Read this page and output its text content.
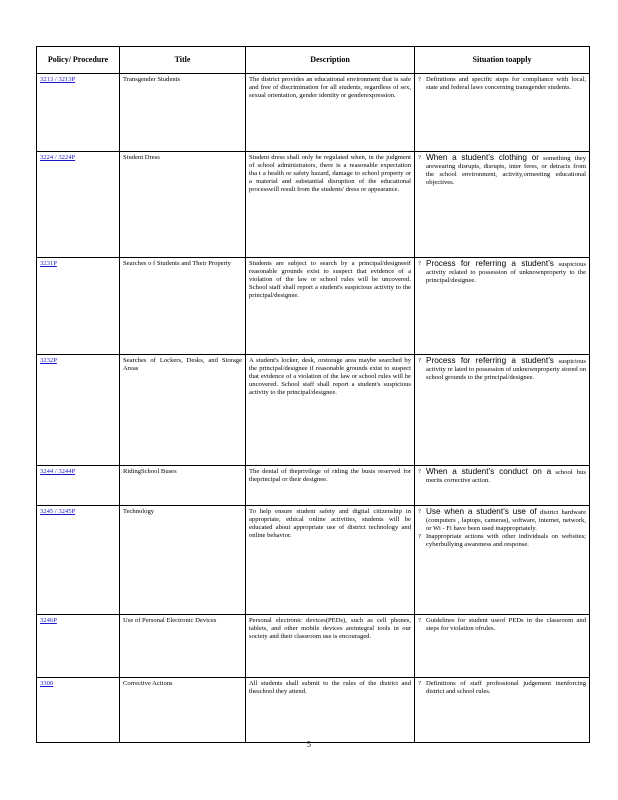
Policy/ Procedure	Title	Description	Situation toapply
3213 / 3213P	Transgender Students	The district provides an educational environment that is safe and free of discrimination for all students, regardless of sex, sexual orientation, gender identity or genderexpression.	? Definitions and specific steps for compliance with local, state and federal laws concerning transgender students.

3224 / 3224P	Student Dress	Student dress shall only be regulated when, in the judgment of school administrators, there is a reasonable expectation tha t a health or safety hazard, damage to school property or a material and substantial disruption of the educational processwill result from the students' dress or appearance.	? When a student’s clothing or something they arewearing disrupts, disrupts, inter feres, or detracts from the school environment, activity,ormeeting educational objectives.

3231P	Searches o f Students and Their Property	Students are subject to search by a principal/designeeif reasonable grounds exist to suspect that evidence of a violation of the law or school rules will be uncovered. School staff shall report a student's suspicious activity to the principal/designee.	? Process for referring a student’s suspicious activity related to possession of unknownproperty to the principal/designee.

3232P	Searches of Lockers, Desks, and Storage Areas	A student's locker, desk, orstorage area maybe searched by the principal/designee if reasonable grounds exist to suspect that evidence of a violation of the law or school rules will be uncovered. School staff shall report a student's suspicious activity to the principal/designee.	? Process for referring a student’s suspicious activity re lated to possession of unknownproperty stored on school grounds to the principal/designee.

3244 / 3244P	RidingSchool Buses	The denial of theprivilege of riding the busis reserved for theprincipal or their designee.	? When a student’s conduct on a school bus merits corrective action.

3245 / 3245P	Technology	To help ensure student safety and digital citizenship in appropriate, ethical online activities, students will be educated about appropriate use of district technology and online behavior.	? Use when a student’s use of district hardware (computers , laptops, cameras), software, internet, network, or Wi - Fi have been used inappropriately.
? Inappropriate actions with other individuals on websites; cyberbullying awareness and response.

3246P	Use of Personal Electronic Devices	Personal electronic devices(PEDs), such as cell phones, tablets, and other mobile devices areintegral tools in our society and their classroom use is encouraged.	? Guidelines for student useof PEDs in the classroom and steps for violation ofrules.

3300	Corrective Actions	All students shall submit to the rules of the district and theschool they attend.	? Definitions of staff professional judgement inenforcing district and school rules.
5
